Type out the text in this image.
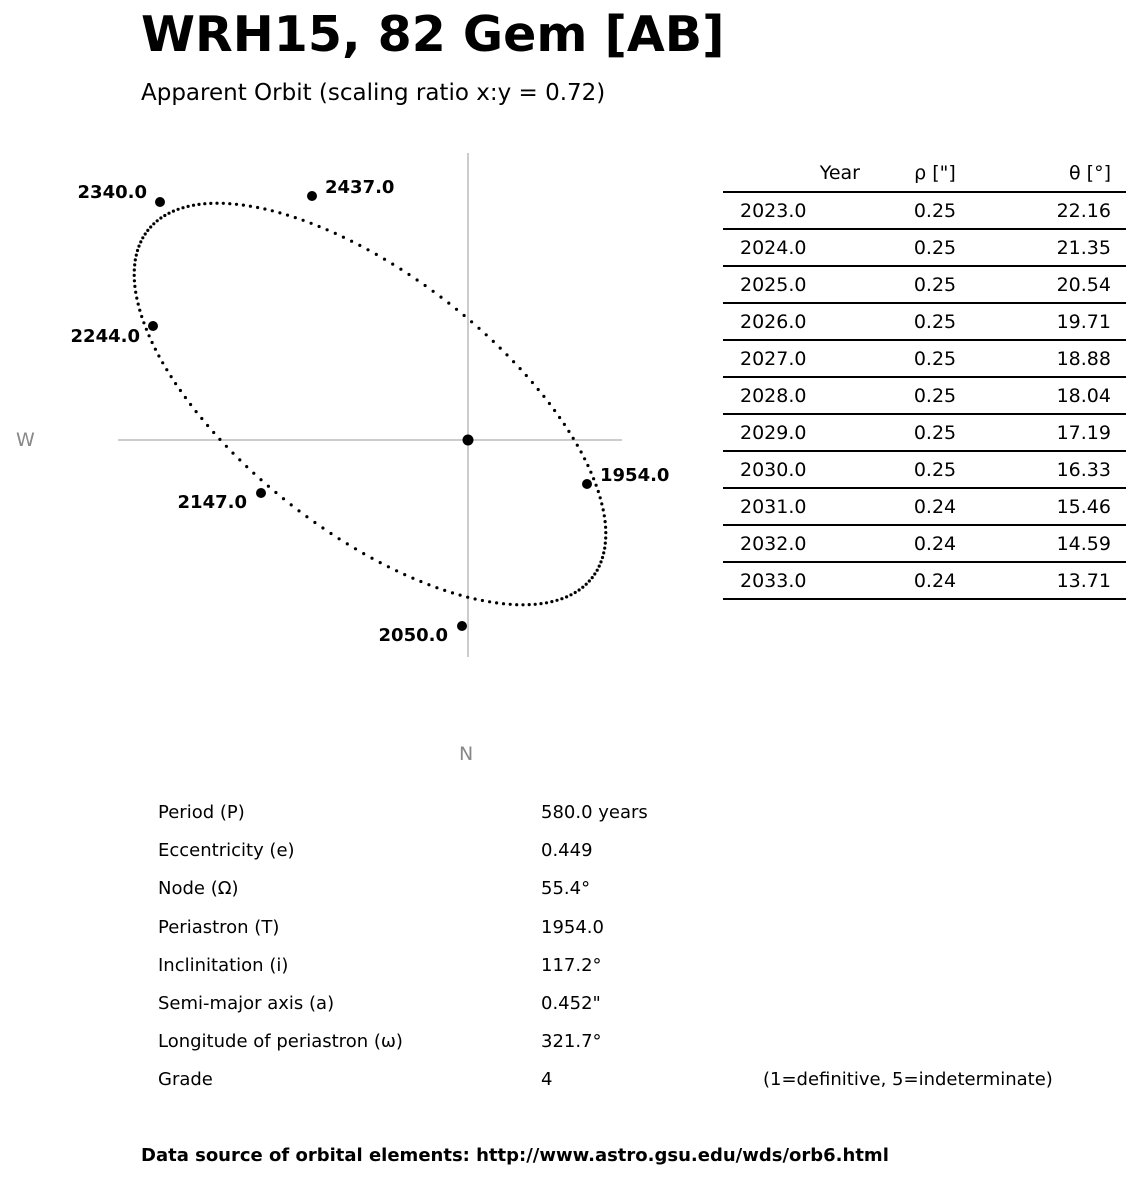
WRH15, 82 Gem [AB]
Apparent Orbit (scaling ratio x:y = 0.72)
1954.0
2050.0
2147.0
2244.0
2340.0	2437.0
W
N
Year	ρ ["]	θ [°]
2023.0	0.25	22.16
2024.0	0.25	21.35
2025.0	0.25	20.54
2026.0	0.25	19.71
2027.0	0.25	18.88
2028.0	0.25	18.04
2029.0	0.25	17.19
2030.0	0.25	16.33
2031.0	0.24	15.46
2032.0	0.24	14.59
2033.0	0.24	13.71
Period (P)	580.0 years
Eccentricity (e)	0.449
Node (Ω)	55.4°
Periastron (T)	1954.0
Inclinitation (i)	117.2°
Semi-major axis (a)	0.452"
Longitude of periastron (ω)	321.7°
Grade	4	(1=definitive, 5=indeterminate)
Data source of orbital elements: http://www.astro.gsu.edu/wds/orb6.html
